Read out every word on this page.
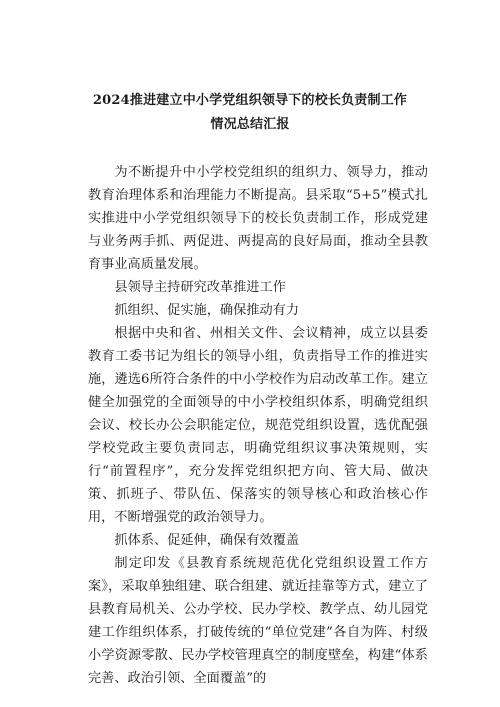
2024推进建立中小学党组织领导下的校长负责制工作
情况总结汇报

为不断提升中小学校党组织的组织力、领导力，推动教育治理体系和治理能力不断提高。县采取“5+5”模式扎实推进中小学党组织领导下的校长负责制工作，形成党建与业务两手抓、两促进、两提高的良好局面，推动全县教育事业高质量发展。

县领导主持研究改革推进工作

抓组织、促实施，确保推动有力

根据中央和省、州相关文件、会议精神，成立以县委教育工委书记为组长的领导小组，负责指导工作的推进实施，遴选6所符合条件的中小学校作为启动改革工作。建立健全加强党的全面领导的中小学校组织体系，明确党组织会议、校长办公会职能定位，规范党组织设置，选优配强学校党政主要负责同志，明确党组织议事决策规则，实行“前置程序”，充分发挥党组织把方向、管大局、做决策、抓班子、带队伍、保落实的领导核心和政治核心作用，不断增强党的政治领导力。

抓体系、促延伸，确保有效覆盖

制定印发《县教育系统规范优化党组织设置工作方案》，采取单独组建、联合组建、就近挂靠等方式，建立了县教育局机关、公办学校、民办学校、教学点、幼儿园党建工作组织体系，打破传统的“单位党建”各自为阵、村级小学资源零散、民办学校管理真空的制度壁垒，构建“体系完善、政治引领、全面覆盖”的
